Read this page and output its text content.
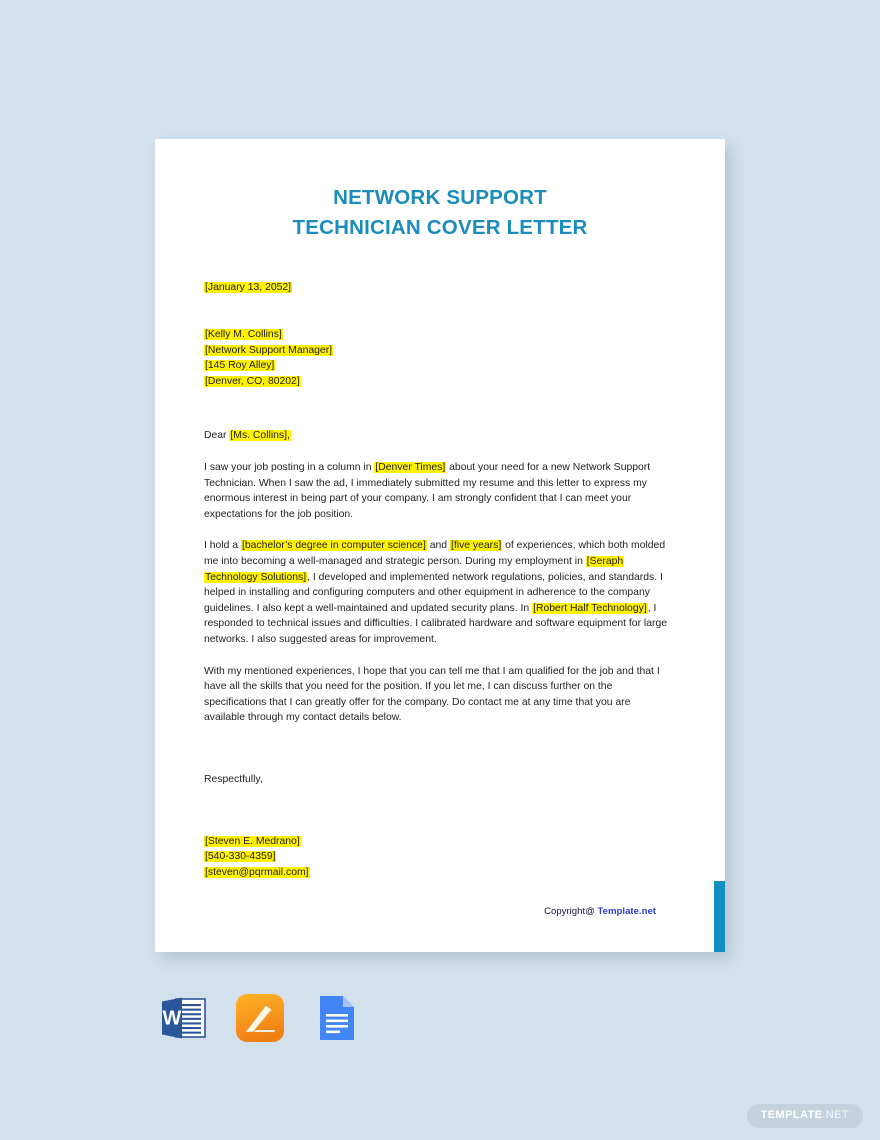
NETWORK SUPPORT
TECHNICIAN COVER LETTER

[January 13, 2052]

[Kelly M. Collins]
[Network Support Manager]
[145 Roy Alley]
[Denver, CO, 80202]

Dear [Ms. Collins],

I saw your job posting in a column in [Denver Times] about your need for a new Network Support Technician. When I saw the ad, I immediately submitted my resume and this letter to express my enormous interest in being part of your company. I am strongly confident that I can meet your expectations for the job position.

I hold a [bachelor’s degree in computer science] and [five years] of experiences, which both molded me into becoming a well-managed and strategic person. During my employment in [Seraph Technology Solutions], I developed and implemented network regulations, policies, and standards. I helped in installing and configuring computers and other equipment in adherence to the company guidelines. I also kept a well-maintained and updated security plans. In [Robert Half Technology], I responded to technical issues and difficulties. I calibrated hardware and software equipment for large networks. I also suggested areas for improvement.

With my mentioned experiences, I hope that you can tell me that I am qualified for the job and that I have all the skills that you need for the position. If you let me, I can discuss further on the specifications that I can greatly offer for the company. Do contact me at any time that you are available through my contact details below.

Respectfully,

[Steven E. Medrano]
[540-330-4359]
[steven@pqrmail.com]

Copyright@ Template.net
W
TEMPLATE.NET
